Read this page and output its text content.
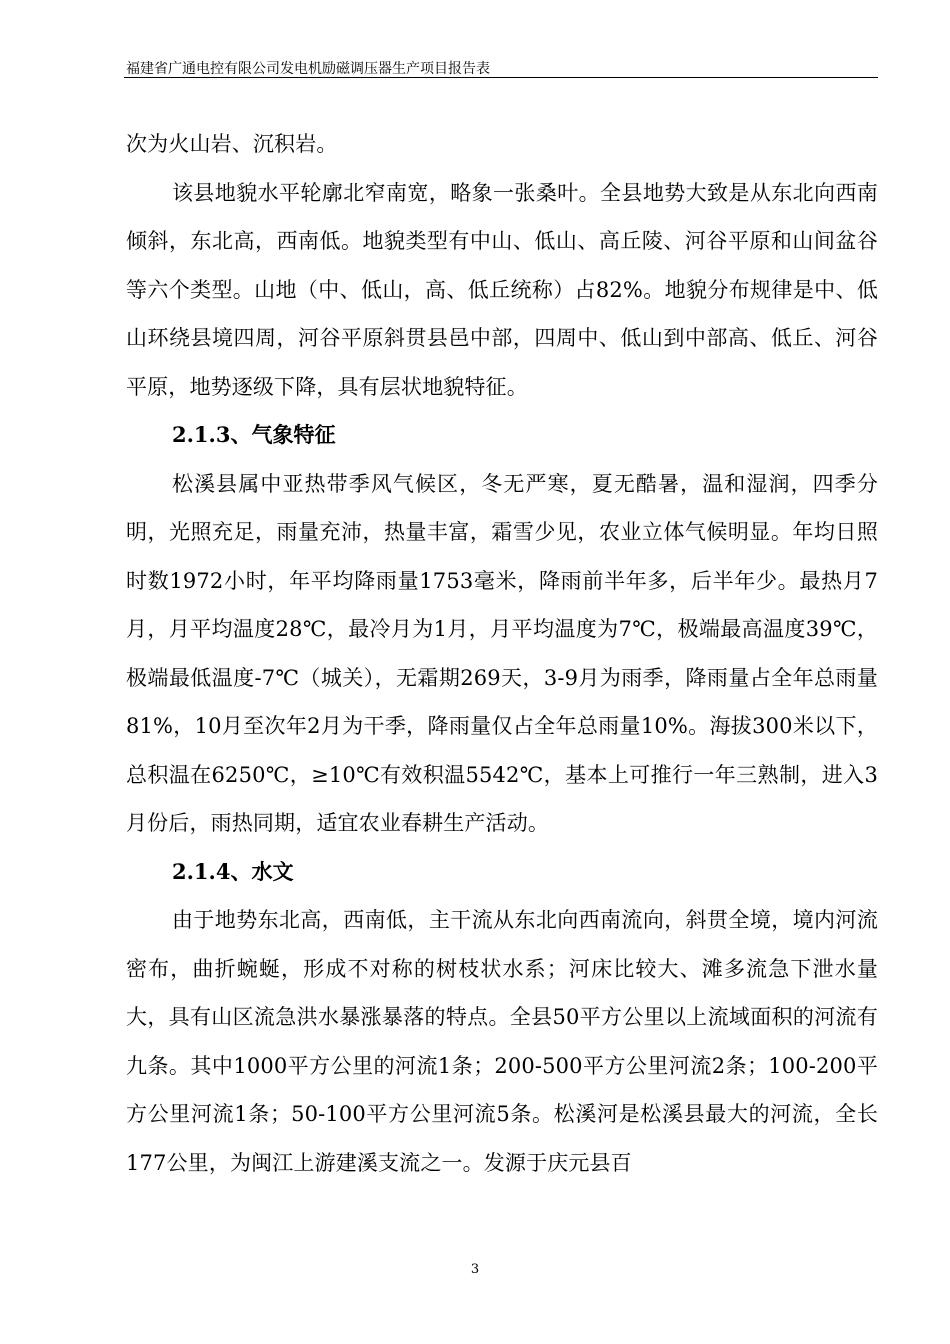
福建省广通电控有限公司发电机励磁调压器生产项目报告表

次为火山岩、沉积岩。

该县地貌水平轮廓北窄南宽，略象一张桑叶。全县地势大致是从东北向西南倾斜，东北高，西南低。地貌类型有中山、低山、高丘陵、河谷平原和山间盆谷等六个类型。山地（中、低山，高、低丘统称）占82%。地貌分布规律是中、低山环绕县境四周，河谷平原斜贯县邑中部，四周中、低山到中部高、低丘、河谷平原，地势逐级下降，具有层状地貌特征。

2.1.3、气象特征

松溪县属中亚热带季风气候区，冬无严寒，夏无酷暑，温和湿润，四季分明，光照充足，雨量充沛，热量丰富，霜雪少见，农业立体气候明显。年均日照时数1972小时，年平均降雨量1753毫米，降雨前半年多，后半年少。最热月7月，月平均温度28℃，最冷月为1月，月平均温度为7℃，极端最高温度39℃，极端最低温度-7℃（城关），无霜期269天，3-9月为雨季，降雨量占全年总雨量81%，10月至次年2月为干季，降雨量仅占全年总雨量10%。海拔300米以下，总积温在6250℃，≥10℃有效积温5542℃，基本上可推行一年三熟制，进入3月份后，雨热同期，适宜农业春耕生产活动。

2.1.4、水文

由于地势东北高，西南低，主干流从东北向西南流向，斜贯全境，境内河流密布，曲折蜿蜒，形成不对称的树枝状水系；河床比较大、滩多流急下泄水量大，具有山区流急洪水暴涨暴落的特点。全县50平方公里以上流域面积的河流有九条。其中1000平方公里的河流1条；200-500平方公里河流2条；100-200平方公里河流1条；50-100平方公里河流5条。松溪河是松溪县最大的河流，全长177公里，为闽江上游建溪支流之一。发源于庆元县百

3
